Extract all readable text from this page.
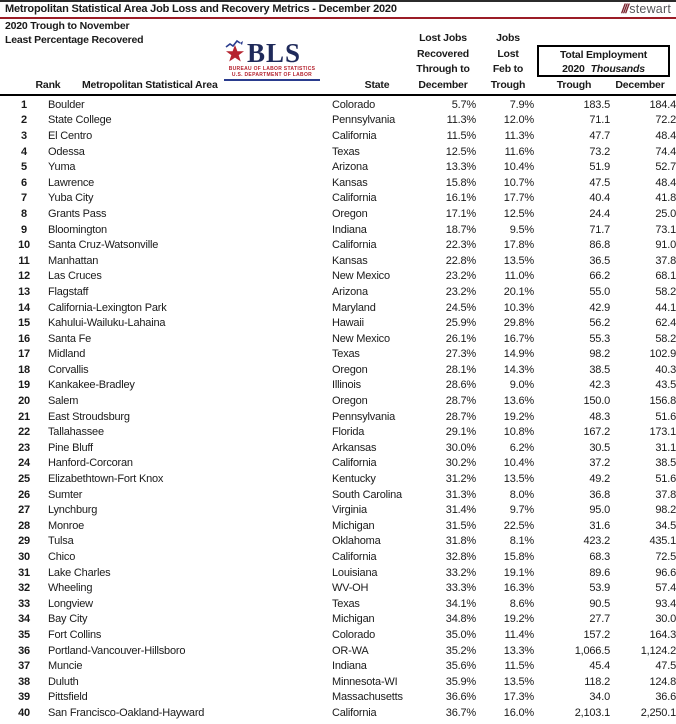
Metropolitan Statistical Area Job Loss and Recovery Metrics - December 2020	/// stewart
2020 Trough to November
Least Percentage Recovered	BLS
BUREAU OF LABOR STATISTICS
U.S. DEPARTMENT OF LABOR
Lost Jobs
Recovered
Through to
December
Jobs
Lost
Feb to
Trough
Total Employment
2020 Thousands
Rank	Metropolitan Statistical Area	State	Trough	December
1	Boulder	Colorado	5.7%	7.9%	183.5	184.4
2	State College	Pennsylvania	11.3%	12.0%	71.1	72.2
3	El Centro	California	11.5%	11.3%	47.7	48.4
4	Odessa	Texas	12.5%	11.6%	73.2	74.4
5	Yuma	Arizona	13.3%	10.4%	51.9	52.7
6	Lawrence	Kansas	15.8%	10.7%	47.5	48.4
7	Yuba City	California	16.1%	17.7%	40.4	41.8
8	Grants Pass	Oregon	17.1%	12.5%	24.4	25.0
9	Bloomington	Indiana	18.7%	9.5%	71.7	73.1
10	Santa Cruz-Watsonville	California	22.3%	17.8%	86.8	91.0
11	Manhattan	Kansas	22.8%	13.5%	36.5	37.8
12	Las Cruces	New Mexico	23.2%	11.0%	66.2	68.1
13	Flagstaff	Arizona	23.2%	20.1%	55.0	58.2
14	California-Lexington Park	Maryland	24.5%	10.3%	42.9	44.1
15	Kahului-Wailuku-Lahaina	Hawaii	25.9%	29.8%	56.2	62.4
16	Santa Fe	New Mexico	26.1%	16.7%	55.3	58.2
17	Midland	Texas	27.3%	14.9%	98.2	102.9
18	Corvallis	Oregon	28.1%	14.3%	38.5	40.3
19	Kankakee-Bradley	Illinois	28.6%	9.0%	42.3	43.5
20	Salem	Oregon	28.7%	13.6%	150.0	156.8
21	East Stroudsburg	Pennsylvania	28.7%	19.2%	48.3	51.6
22	Tallahassee	Florida	29.1%	10.8%	167.2	173.1
23	Pine Bluff	Arkansas	30.0%	6.2%	30.5	31.1
24	Hanford-Corcoran	California	30.2%	10.4%	37.2	38.5
25	Elizabethtown-Fort Knox	Kentucky	31.2%	13.5%	49.2	51.6
26	Sumter	South Carolina	31.3%	8.0%	36.8	37.8
27	Lynchburg	Virginia	31.4%	9.7%	95.0	98.2
28	Monroe	Michigan	31.5%	22.5%	31.6	34.5
29	Tulsa	Oklahoma	31.8%	8.1%	423.2	435.1
30	Chico	California	32.8%	15.8%	68.3	72.5
31	Lake Charles	Louisiana	33.2%	19.1%	89.6	96.6
32	Wheeling	WV-OH	33.3%	16.3%	53.9	57.4
33	Longview	Texas	34.1%	8.6%	90.5	93.4
34	Bay City	Michigan	34.8%	19.2%	27.7	30.0
35	Fort Collins	Colorado	35.0%	11.4%	157.2	164.3
36	Portland-Vancouver-Hillsboro	OR-WA	35.2%	13.3%	1,066.5	1,124.2
37	Muncie	Indiana	35.6%	11.5%	45.4	47.5
38	Duluth	Minnesota-WI	35.9%	13.5%	118.2	124.8
39	Pittsfield	Massachusetts	36.6%	17.3%	34.0	36.6
40	San Francisco-Oakland-Hayward	California	36.7%	16.0%	2,103.1	2,250.1
